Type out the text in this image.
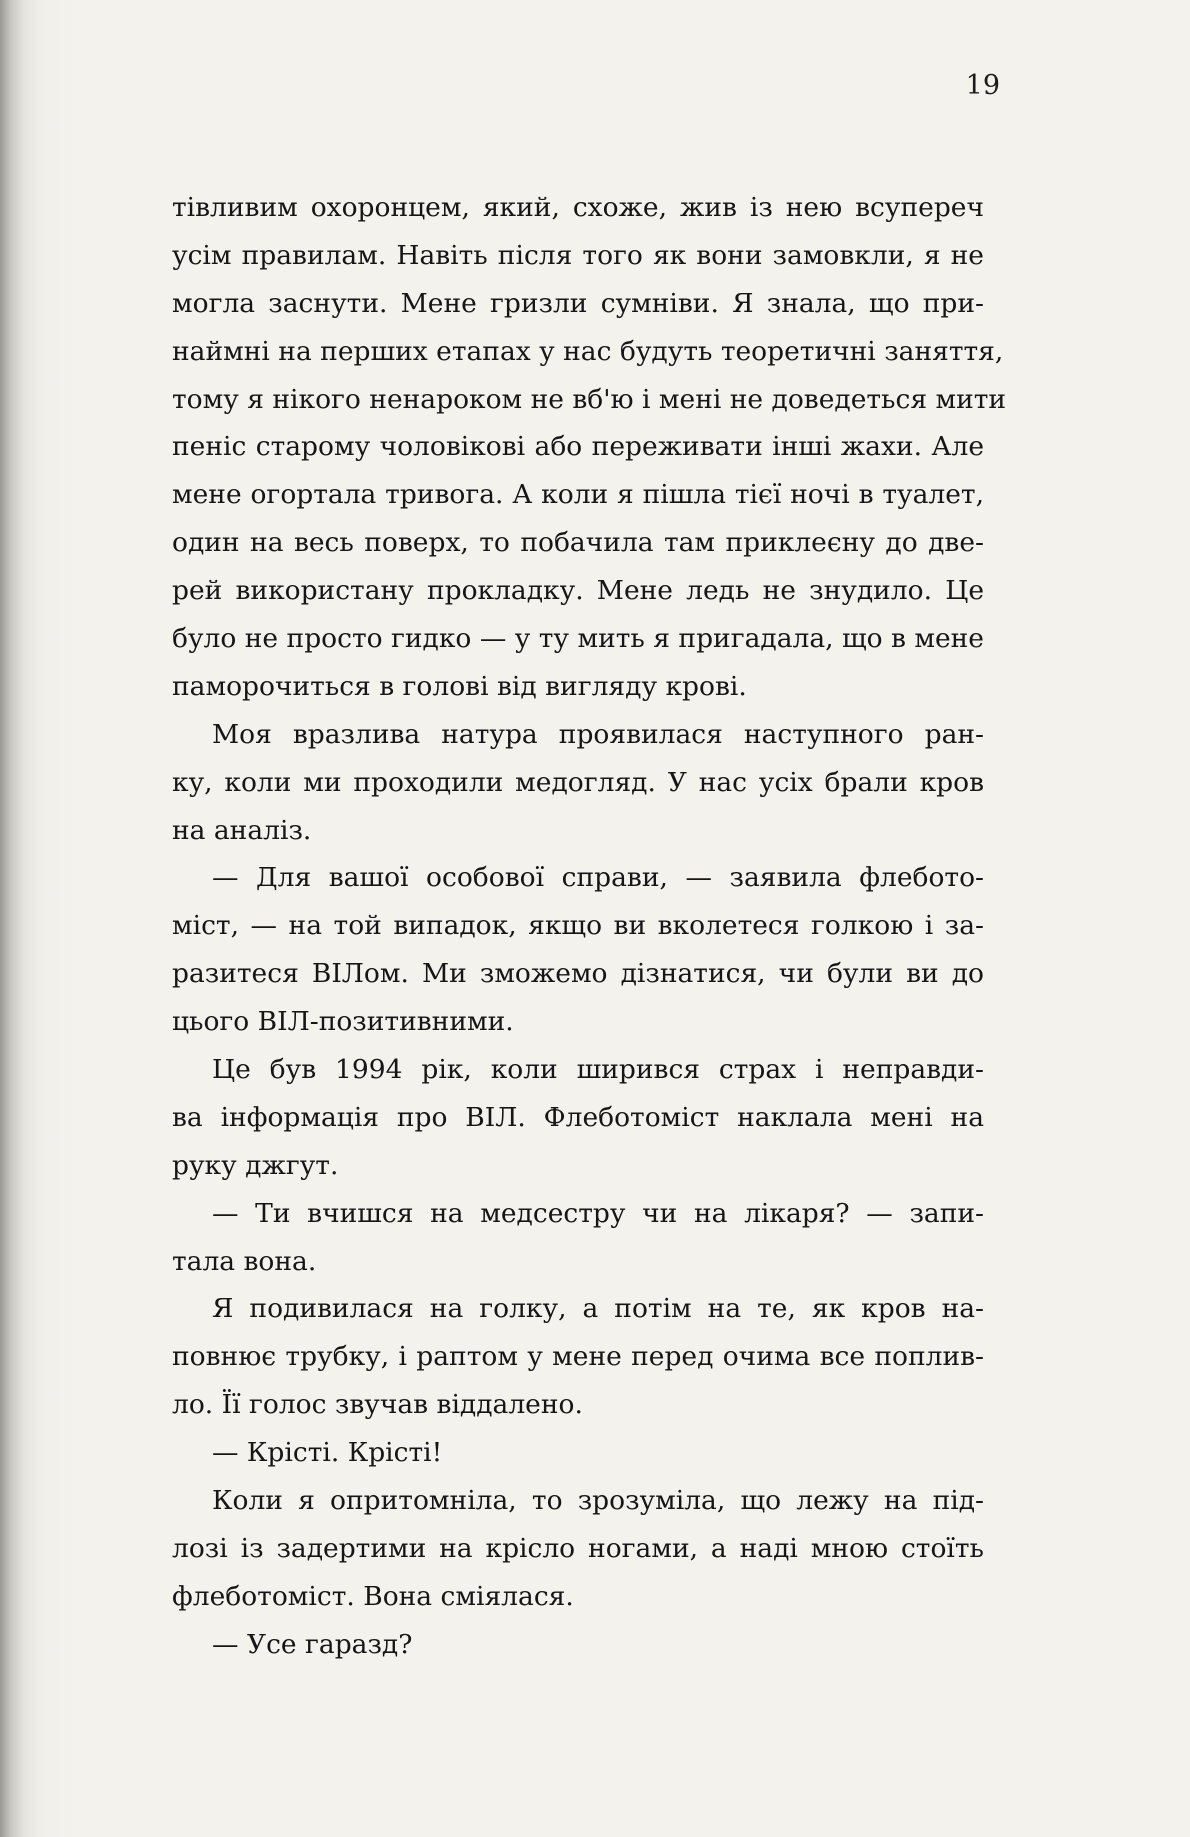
19

тівливим охоронцем, який, схоже, жив із нею всупереч
усім правилам. Навіть після того як вони замовкли, я не
могла заснути. Мене гризли сумніви. Я знала, що при-
наймні на перших етапах у нас будуть теоретичні заняття,
тому я нікого ненароком не вб'ю і мені не доведеться мити
пеніс старому чоловікові або переживати інші жахи. Але
мене огортала тривога. А коли я пішла тієї ночі в туалет,
один на весь поверх, то побачила там приклеєну до две-
рей використану прокладку. Мене ледь не знудило. Це
було не просто гидко — у ту мить я пригадала, що в мене
паморочиться в голові від вигляду крові.
Моя вразлива натура проявилася наступного ран-
ку, коли ми проходили медогляд. У нас усіх брали кров
на аналіз.
— Для вашої особової справи, — заявила флебото-
міст, — на той випадок, якщо ви вколетеся голкою і за-
разитеся ВІЛом. Ми зможемо дізнатися, чи були ви до
цього ВІЛ-позитивними.
Це був 1994 рік, коли ширився страх і неправди-
ва інформація про ВІЛ. Флеботоміст наклала мені на
руку джгут.
— Ти вчишся на медсестру чи на лікаря? — запи-
тала вона.
Я подивилася на голку, а потім на те, як кров на-
повнює трубку, і раптом у мене перед очима все поплив-
ло. Її голос звучав віддалено.
— Крісті. Крісті!
Коли я опритомніла, то зрозуміла, що лежу на під-
лозі із задертими на крісло ногами, а наді мною стоїть
флеботоміст. Вона сміялася.
— Усе гаразд?
